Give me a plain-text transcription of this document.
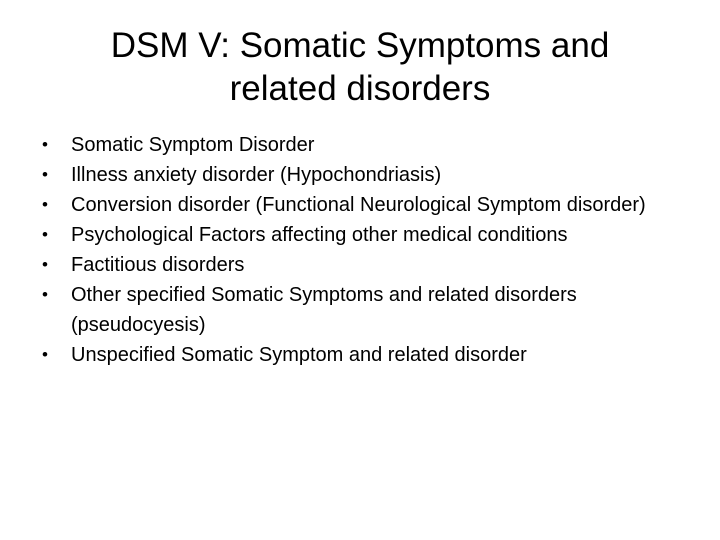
DSM V: Somatic Symptoms and
related disorders
•	Somatic Symptom Disorder
•	Illness anxiety disorder (Hypochondriasis)
•	Conversion disorder (Functional Neurological Symptom disorder)
•	Psychological Factors affecting other medical conditions
•	Factitious disorders
•	Other specified Somatic Symptoms and related disorders (pseudocyesis)
•	Unspecified Somatic Symptom and related disorder
